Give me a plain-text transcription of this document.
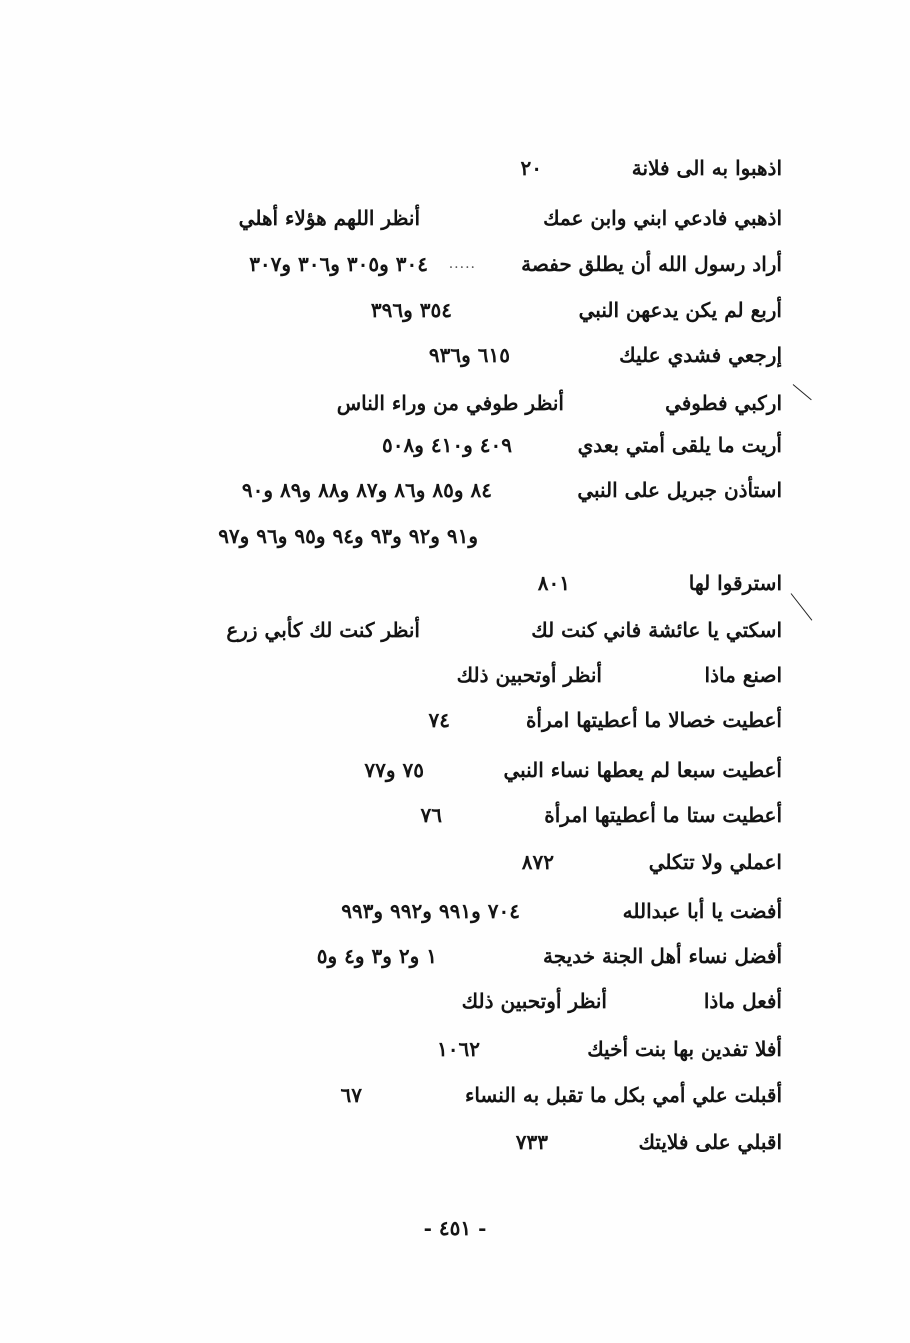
اذهبوا به الى فلانة
٢٠
اذهبي فادعي ابني وابن عمك
أنظر اللهم هؤلاء أهلي
أراد رسول الله أن يطلق حفصة
.....
٣٠٤ و٣٠٥ و٣٠٦ و٣٠٧
أربع لم يكن يدعهن النبي
٣٥٤ و٣٩٦
إرجعي فشدي عليك
٦١٥ و٩٣٦
اركبي فطوفي
أنظر طوفي من وراء الناس
أريت ما يلقى أمتي بعدي
٤٠٩ و٤١٠ و٥٠٨
استأذن جبريل على النبي
٨٤ و٨٥ و٨٦ و٨٧ و٨٨ و٨٩ و٩٠
و٩١ و٩٢ و٩٣ و٩٤ و٩٥ و٩٦ و٩٧
استرقوا لها
٨٠١
اسكتي يا عائشة فاني كنت لك
أنظر كنت لك كأبي زرع
اصنع ماذا
أنظر أوتحبين ذلك
أعطيت خصالا ما أعطيتها امرأة
٧٤
أعطيت سبعا لم يعطها نساء النبي
٧٥ و٧٧
أعطيت ستا ما أعطيتها امرأة
٧٦
اعملي ولا تتكلي
٨٧٢
أفضت يا أبا عبدالله
٧٠٤ و٩٩١ و٩٩٢ و٩٩٣
أفضل نساء أهل الجنة خديجة
١ و٢ و٣ و٤ و٥
أفعل ماذا
أنظر أوتحبين ذلك
أفلا تفدين بها بنت أخيك
١٠٦٢
أقبلت علي أمي بكل ما تقبل به النساء
٦٧
اقبلي على فلايتك
٧٣٣
- ٤٥١ -
